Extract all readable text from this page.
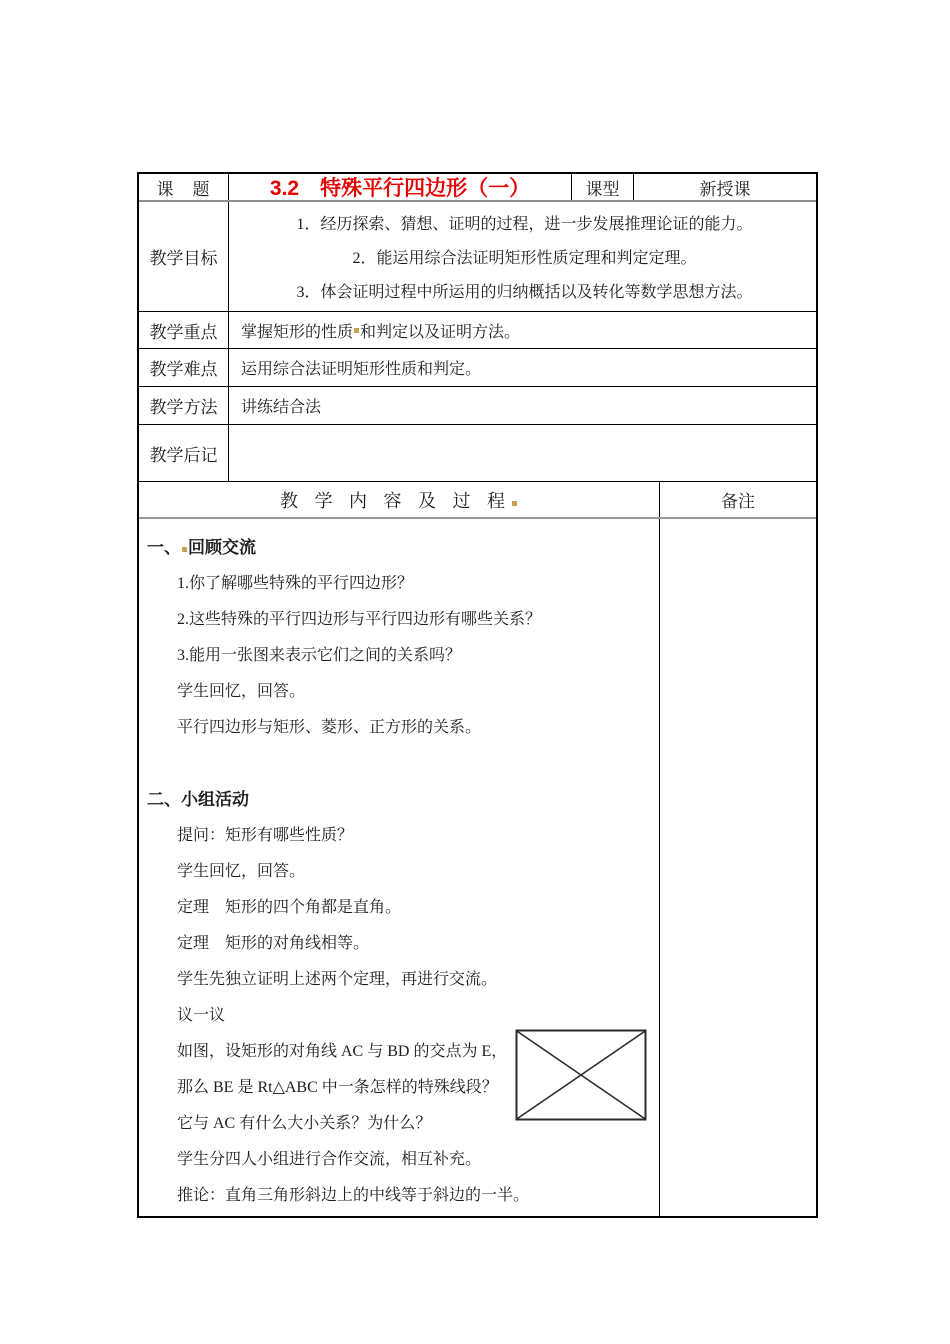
课　题	3.2　特殊平行四边形（一）	课型	新授课
教学目标

1．经历探索、猜想、证明的过程，进一步发展推理论证的能力。

2．能运用综合法证明矩形性质定理和判定定理。

3．体会证明过程中所运用的归纳概括以及转化等数学思想方法。

教学重点	掌握矩形的性质 和判定以及证明方法。
教学难点	运用综合法证明矩形性质和判定。
教学方法	讲练结合法
教学后记
教 学 内 容 及 过 程	备注
一、 回顾交流

1.你了解哪些特殊的平行四边形？

2.这些特殊的平行四边形与平行四边形有哪些关系？

3.能用一张图来表示它们之间的关系吗？

学生回忆，回答。

平行四边形与矩形、菱形、正方形的关系。

二、 小组活动

提问：矩形有哪些性质？

学生回忆，回答。

定理　矩形的四个角都是直角。

定理　矩形的对角线相等。

学生先独立证明上述两个定理，再进行交流。

议一议

如图，设矩形的对角线 AC 与 BD 的交点为 E，

那么 BE 是 Rt△ABC 中一条怎样的特殊线段？

它与 AC 有什么大小关系？为什么？

学生分四人小组进行合作交流，相互补充。

推论：直角三角形斜边上的中线等于斜边的一半。
